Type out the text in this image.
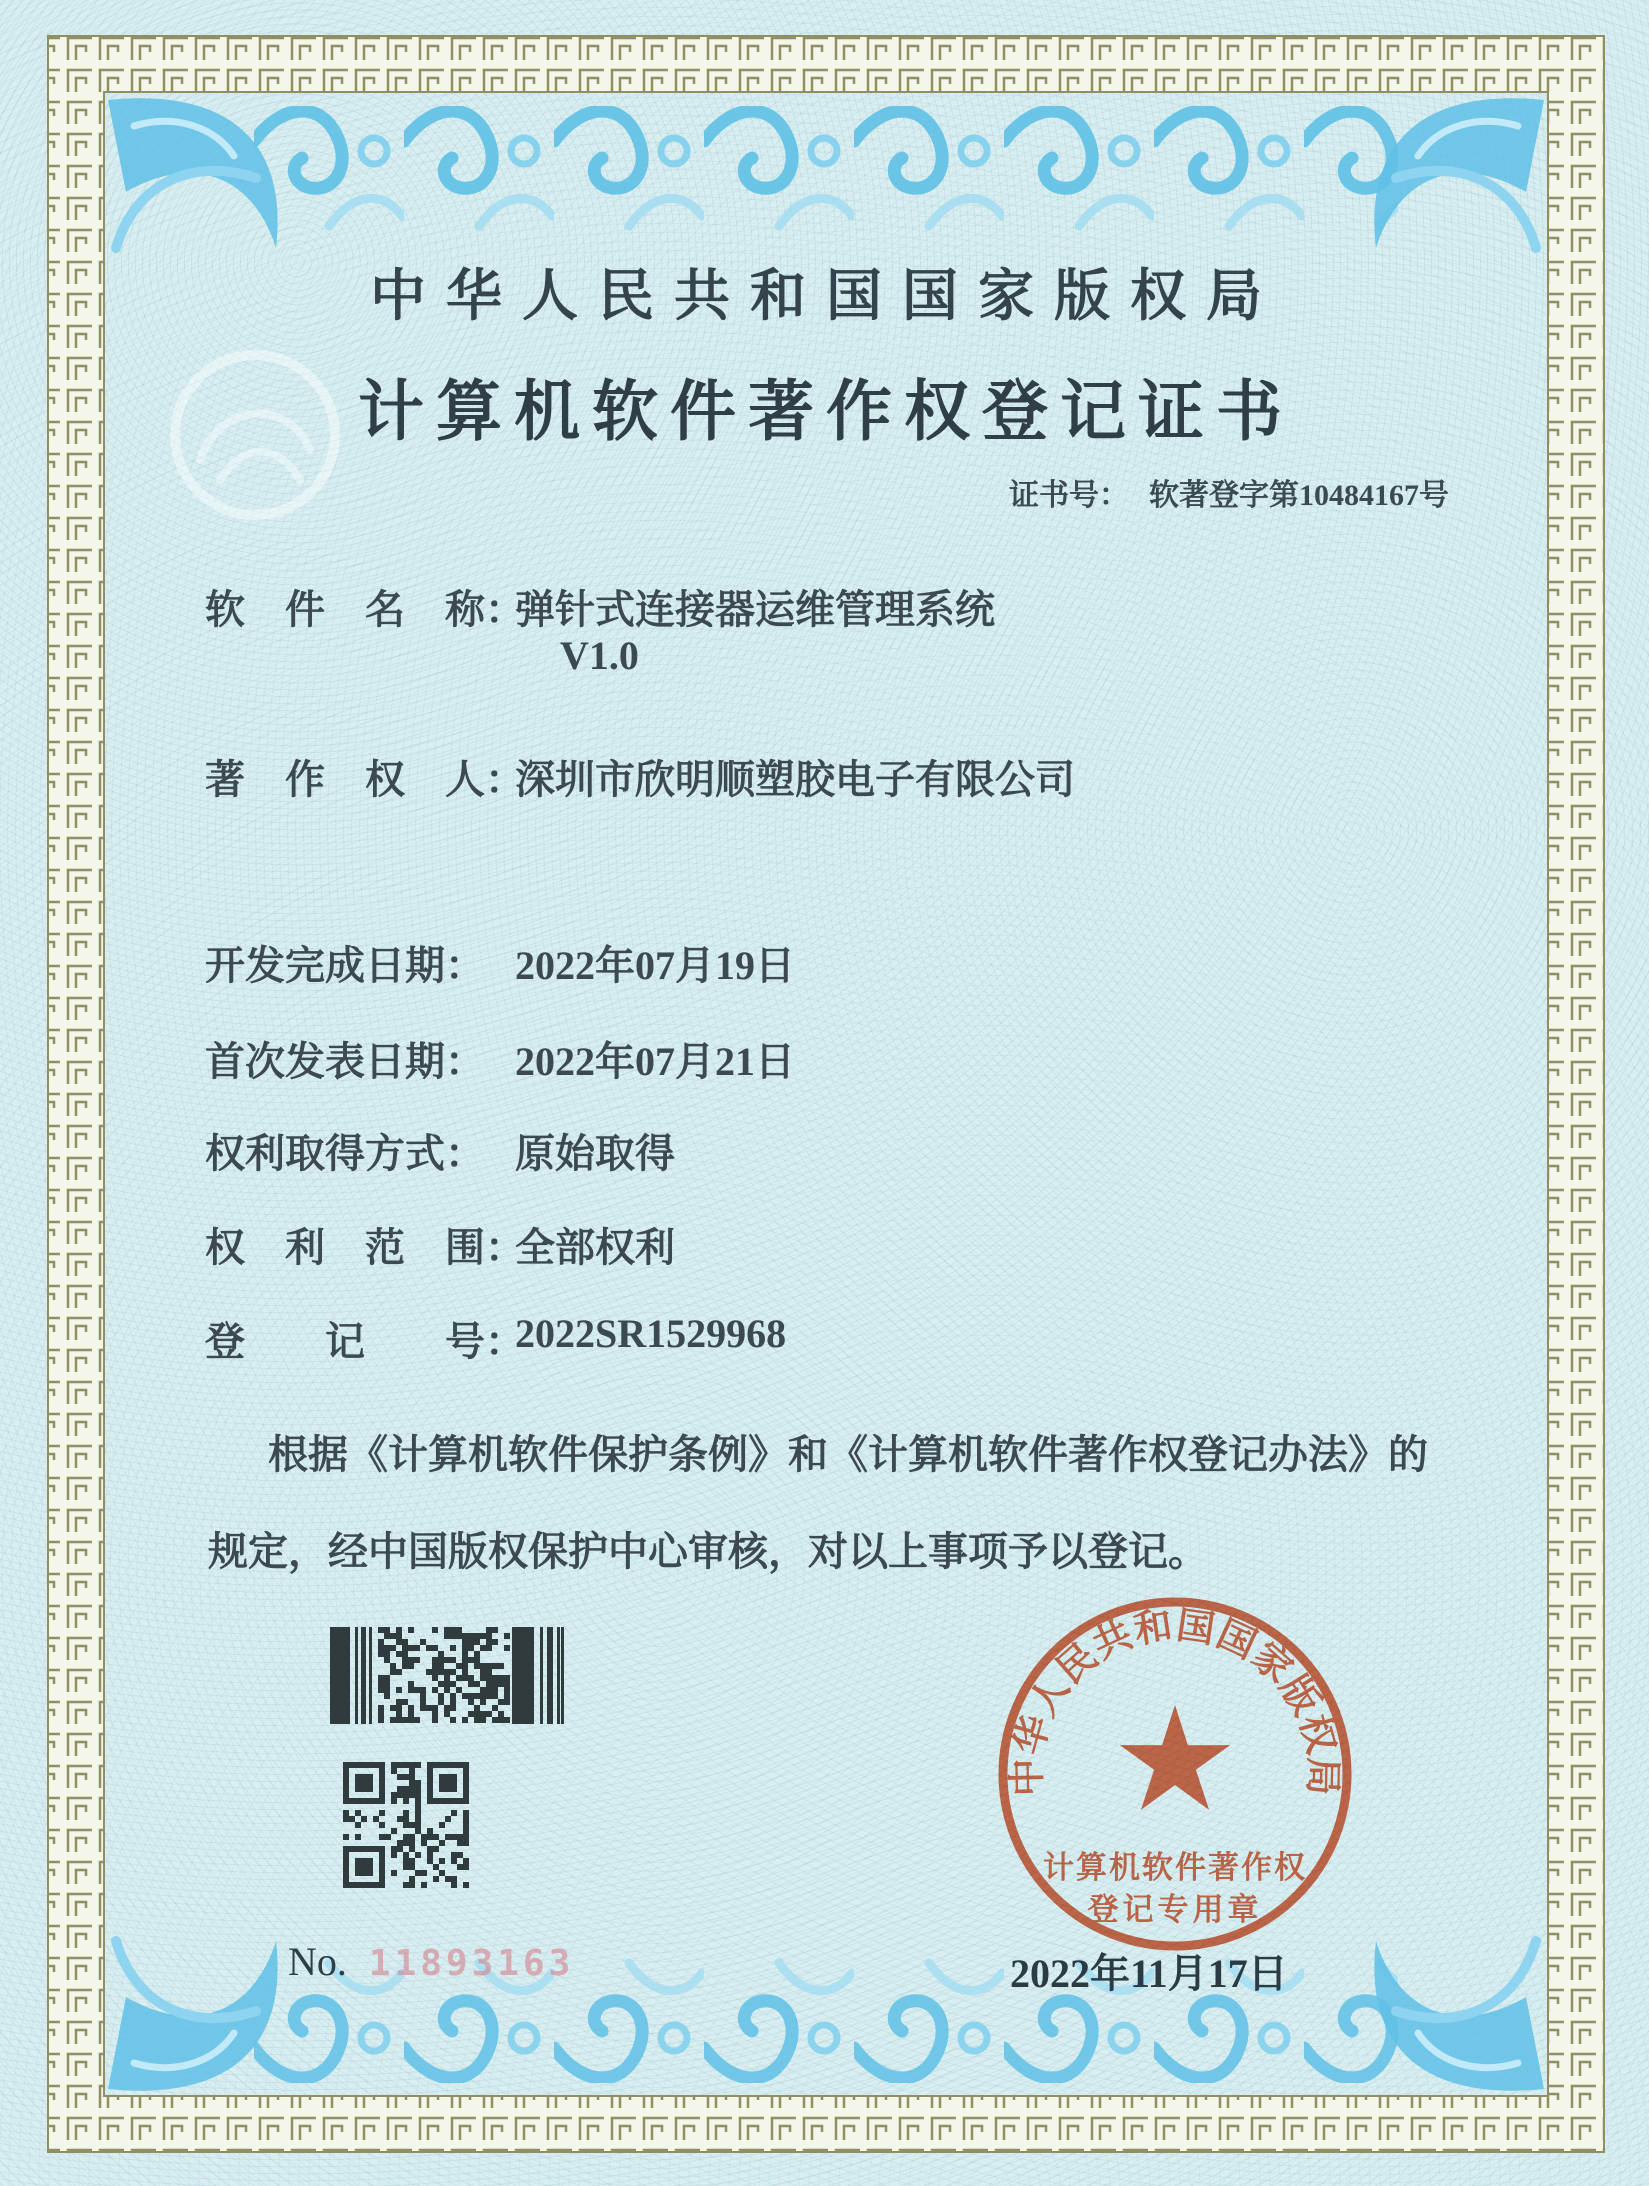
中华人民共和国国家版权局
计算机软件著作权登记证书
证书号： 软著登字第10484167号
软　件　名　称：
弹针式连接器运维管理系统
V1.0
著　作　权　人：
深圳市欣明顺塑胶电子有限公司
开发完成日期： 2022年07月19日
首次发表日期： 2022年07月21日
权利取得方式： 原始取得
权　利　范　围：
全部权利
登　　记　　号：
2022SR1529968
根据《计算机软件保护条例》和《计算机软件著作权登记办法》的
规定，经中国版权保护中心审核，对以上事项予以登记。
No. 11893163	2022年11月17日
中华人民共和国国家版权局
计算机软件著作权
登记专用章
